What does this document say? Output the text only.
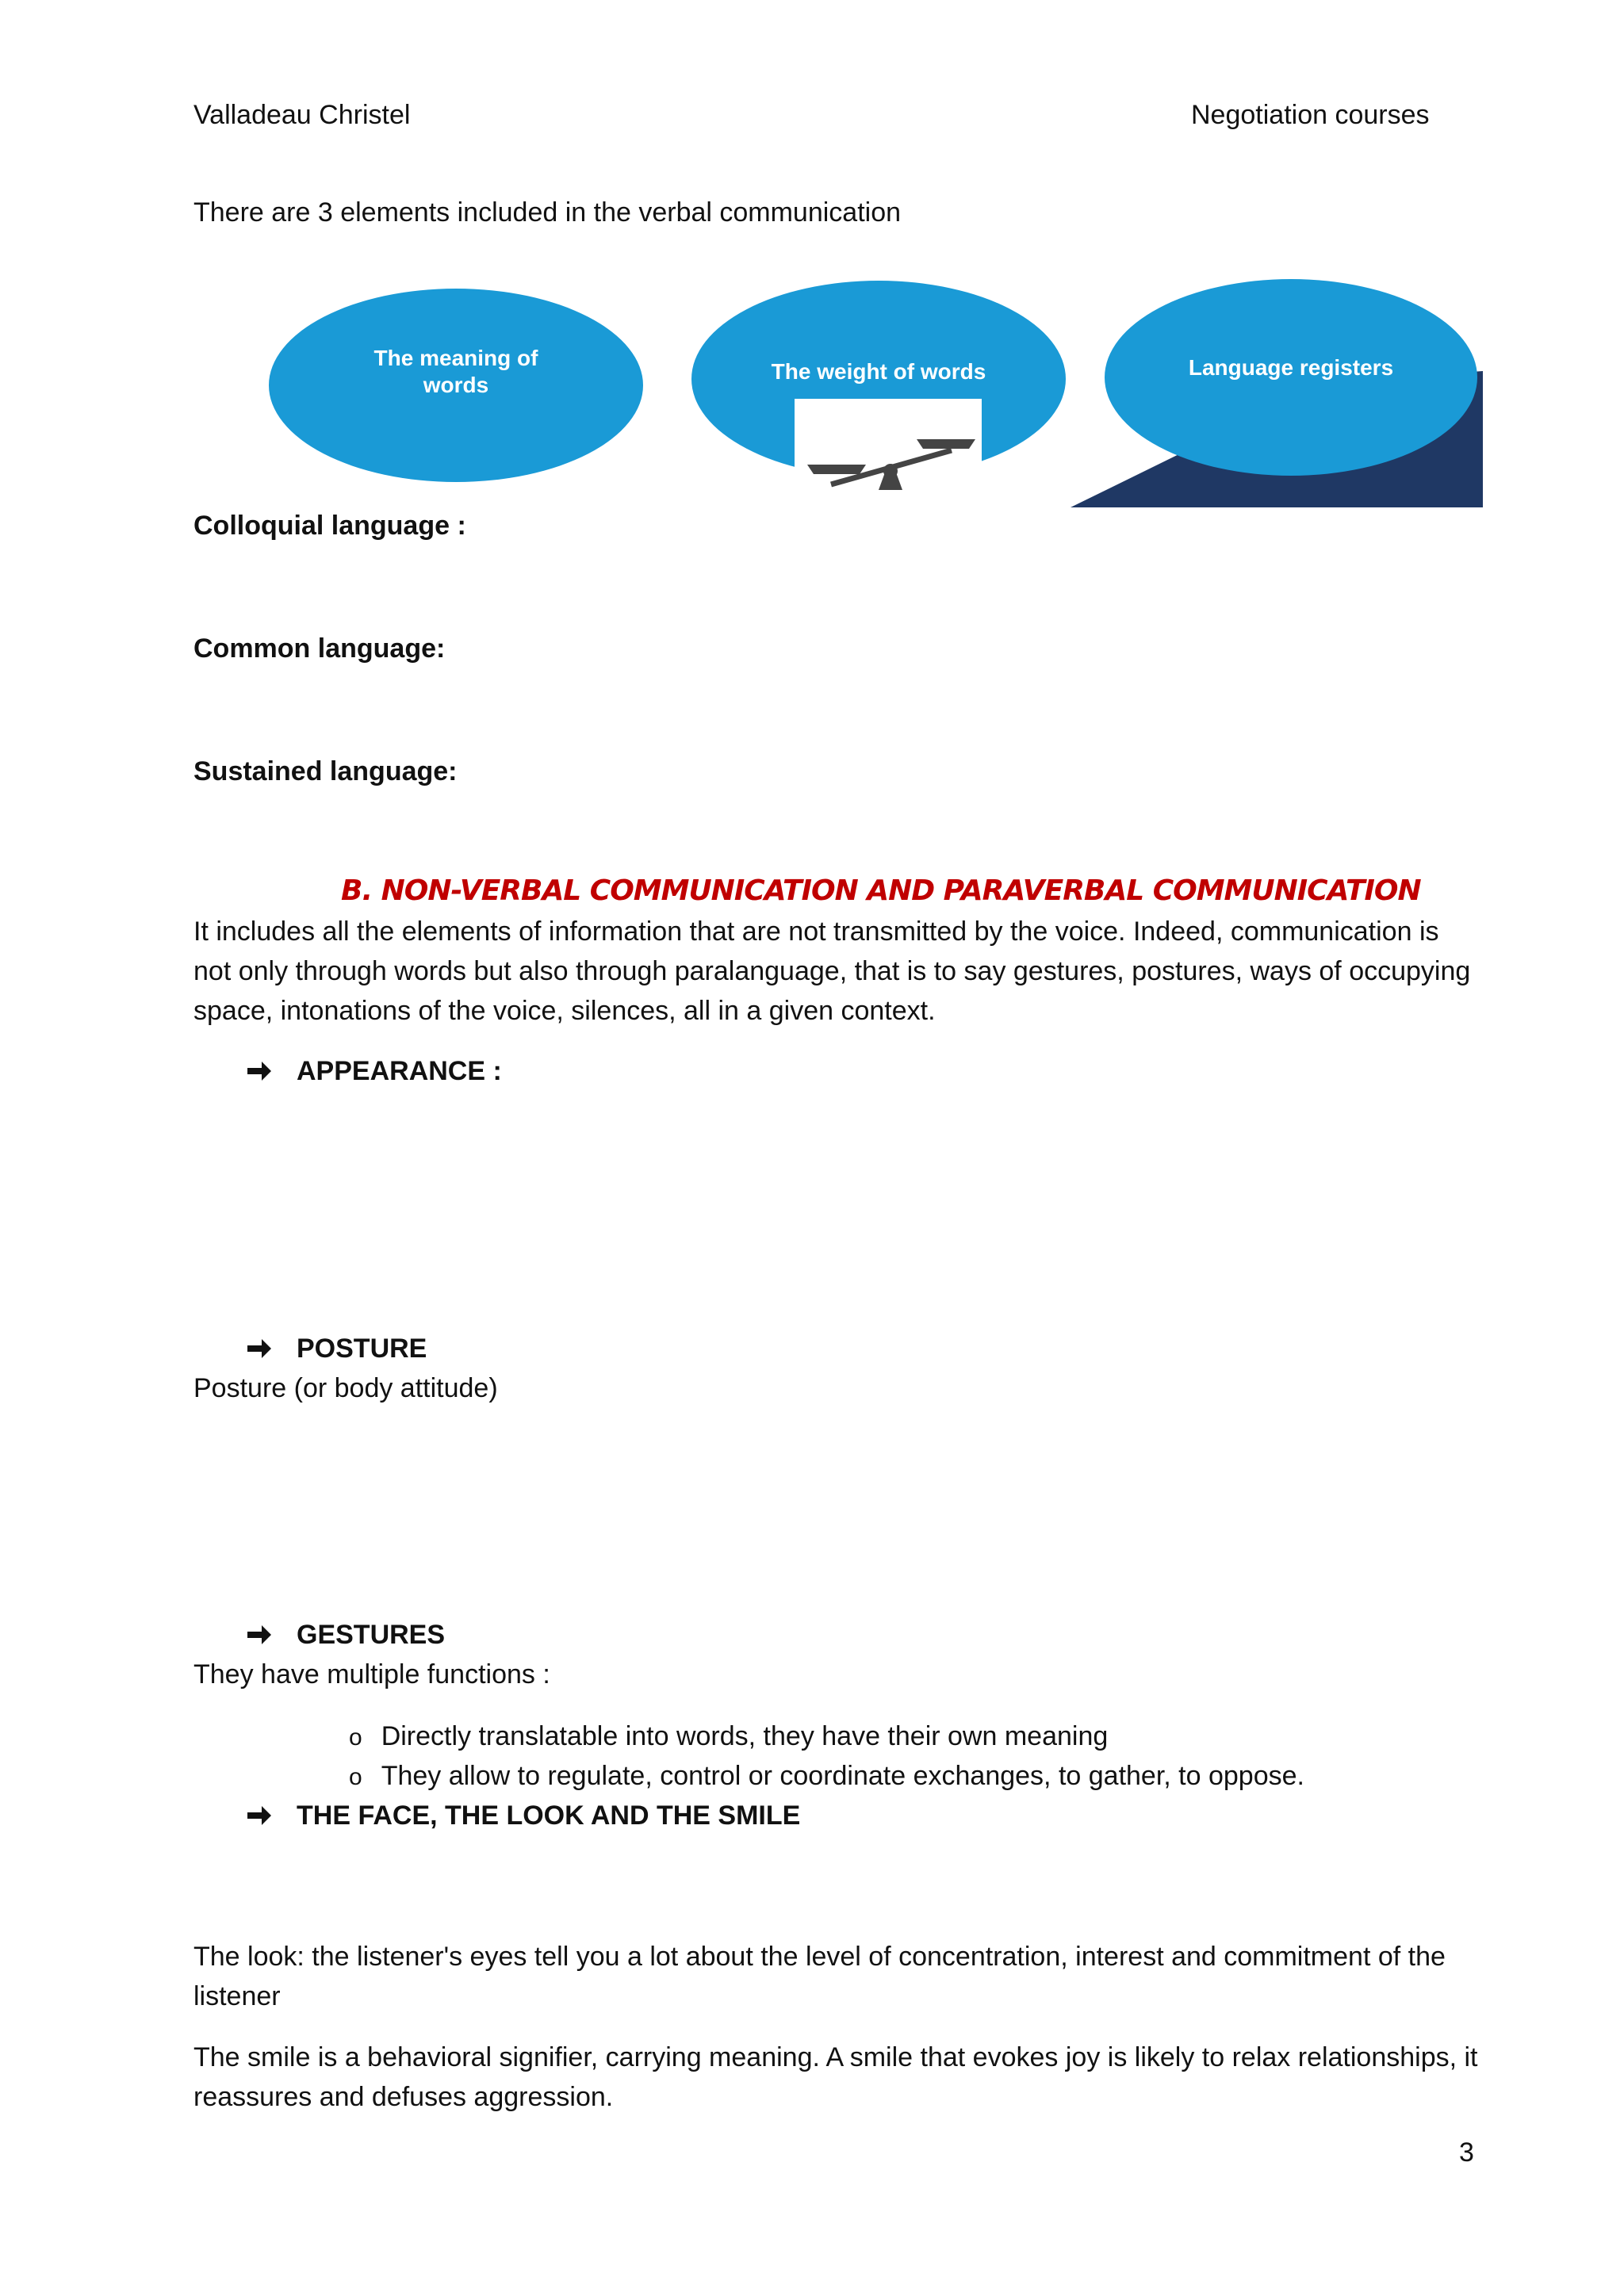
Valladeau Christel	Negotiation courses
There are 3 elements included in the verbal communication
The meaning of
words
The weight of words	Language registers
Colloquial language :
Common language:
Sustained language:
B. NON-VERBAL COMMUNICATION AND PARAVERBAL COMMUNICATION
It includes all the elements of information that are not transmitted by the voice. Indeed, communication is not only through words but also through paralanguage, that is to say gestures, postures, ways of occupying space, intonations of the voice, silences, all in a given context.
APPEARANCE :
POSTURE
Posture (or body attitude)
GESTURES
They have multiple functions :
o Directly translatable into words, they have their own meaning
o They allow to regulate, control or coordinate exchanges, to gather, to oppose.
THE FACE, THE LOOK AND THE SMILE
The look: the listener's eyes tell you a lot about the level of concentration, interest and commitment of the listener
The smile is a behavioral signifier, carrying meaning. A smile that evokes joy is likely to relax relationships, it reassures and defuses aggression.
3
